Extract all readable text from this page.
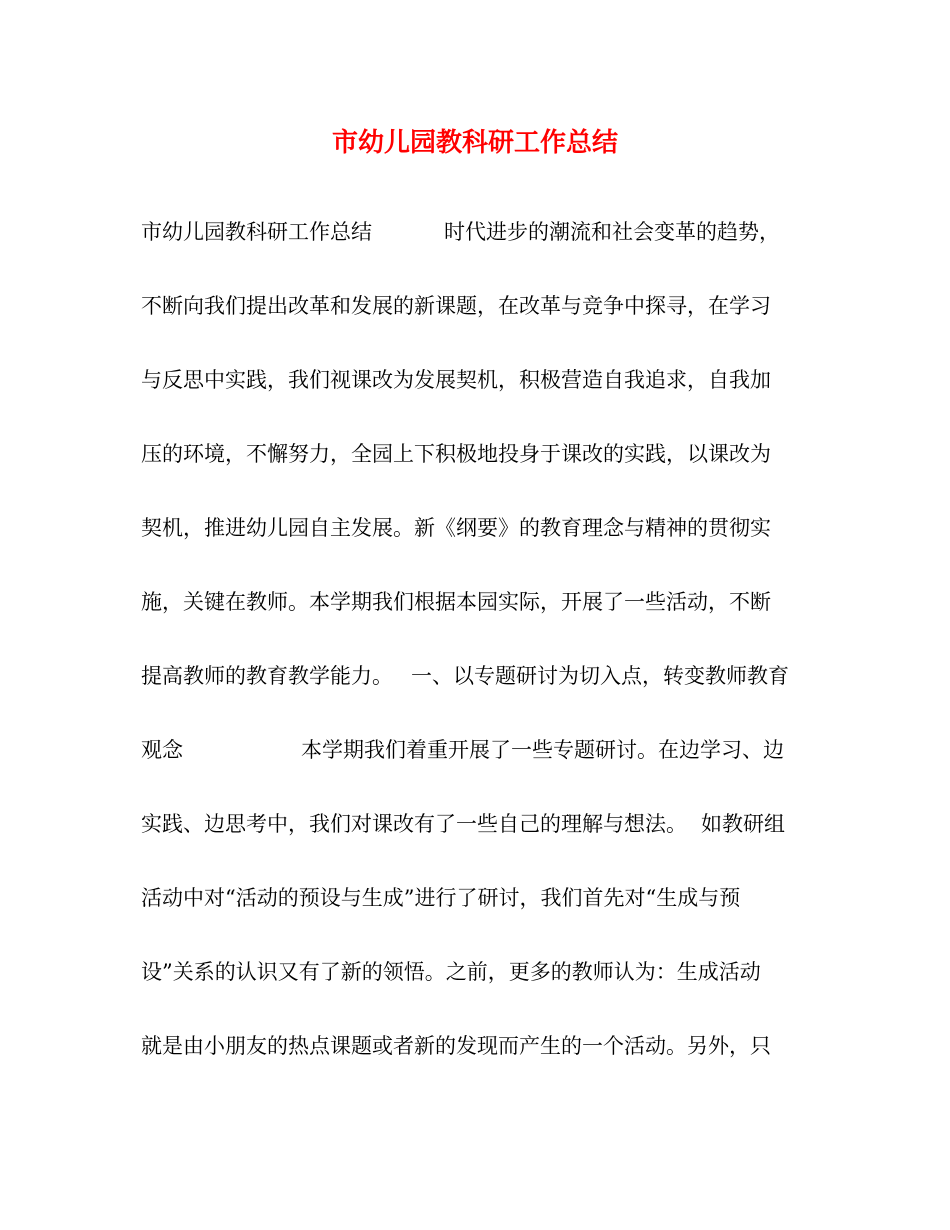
市幼儿园教科研工作总结
市幼儿园教科研工作总结	时代进步的潮流和社会变革的趋势，
不断向我们提出改革和发展的新课题，在改革与竞争中探寻，在学习
与反思中实践，我们视课改为发展契机，积极营造自我追求，自我加
压的环境，不懈努力，全园上下积极地投身于课改的实践，以课改为
契机，推进幼儿园自主发展。新《纲要》的教育理念与精神的贯彻实
施，关键在教师。本学期我们根据本园实际，开展了一些活动，不断
提高教师的教育教学能力。 一、以专题研讨为切入点，转变教师教育
观念	本学期我们着重开展了一些专题研讨。在边学习、边
实践、边思考中，我们对课改有了一些自己的理解与想法。 如教研组
活动中对“活动的预设与生成”进行了研讨，我们首先对“生成与预
设”关系的认识又有了新的领悟。之前，更多的教师认为：生成活动
就是由小朋友的热点课题或者新的发现而产生的一个活动。另外，只
